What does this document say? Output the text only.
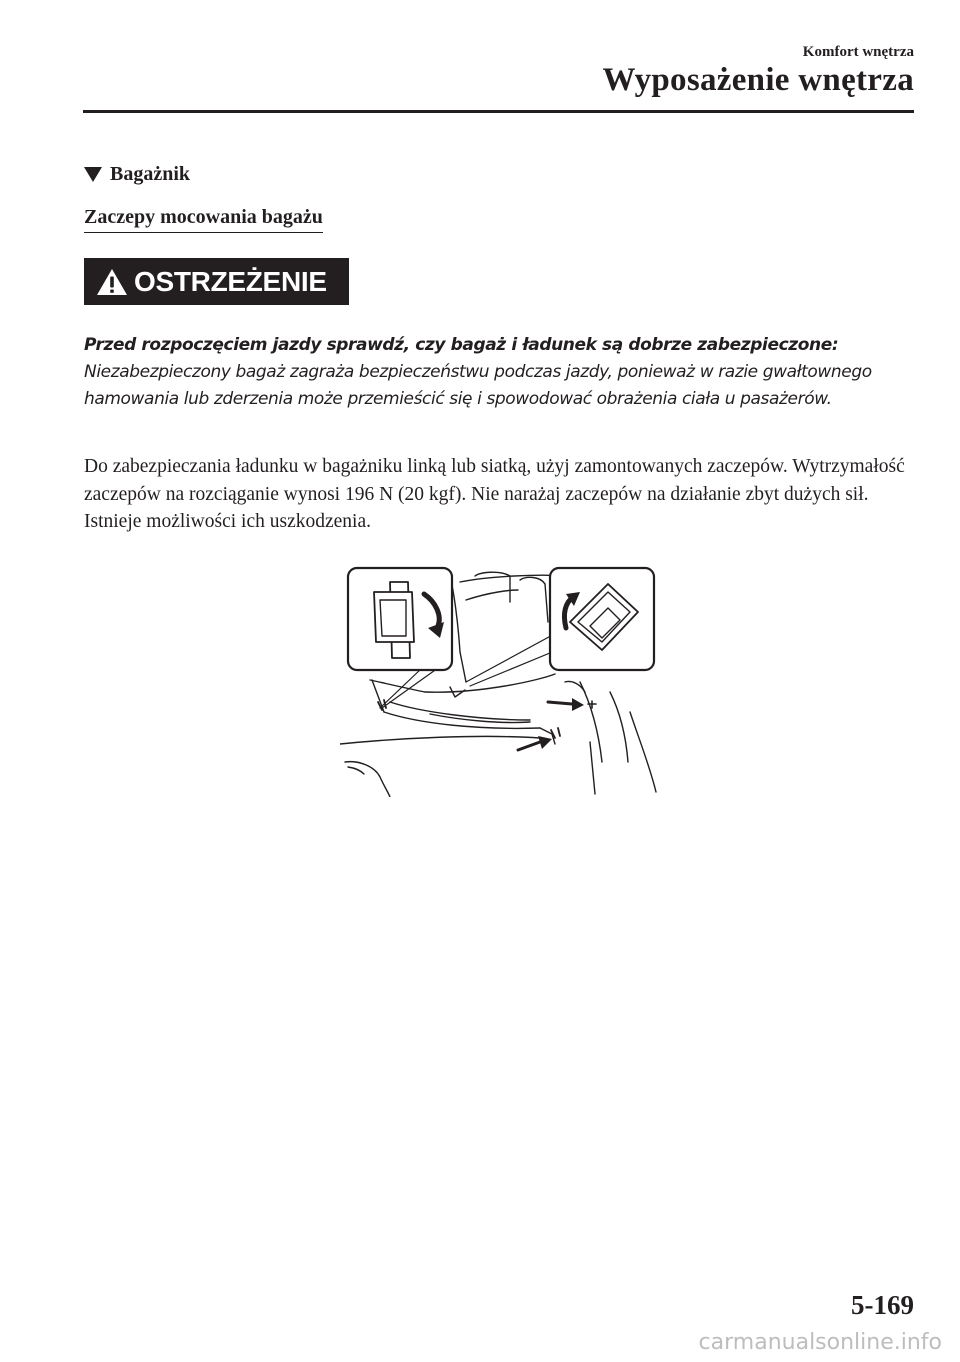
Komfort wnętrza
Wyposażenie wnętrza
Bagażnik
Zaczepy mocowania bagażu
OSTRZEŻENIE
Przed rozpoczęciem jazdy sprawdź, czy bagaż i ładunek są dobrze zabezpieczone:
Niezabezpieczony bagaż zagraża bezpieczeństwu podczas jazdy, ponieważ w razie gwałtownego hamowania lub zderzenia może przemieścić się i spowodować obrażenia ciała u pasażerów.
Do zabezpieczania ładunku w bagażniku linką lub siatką, użyj zamontowanych zaczepów. Wytrzymałość zaczepów na rozciąganie wynosi 196 N (20 kgf). Nie narażaj zaczepów na działanie zbyt dużych sił. Istnieje możliwości ich uszkodzenia.
5-169
carmanualsonline.info
